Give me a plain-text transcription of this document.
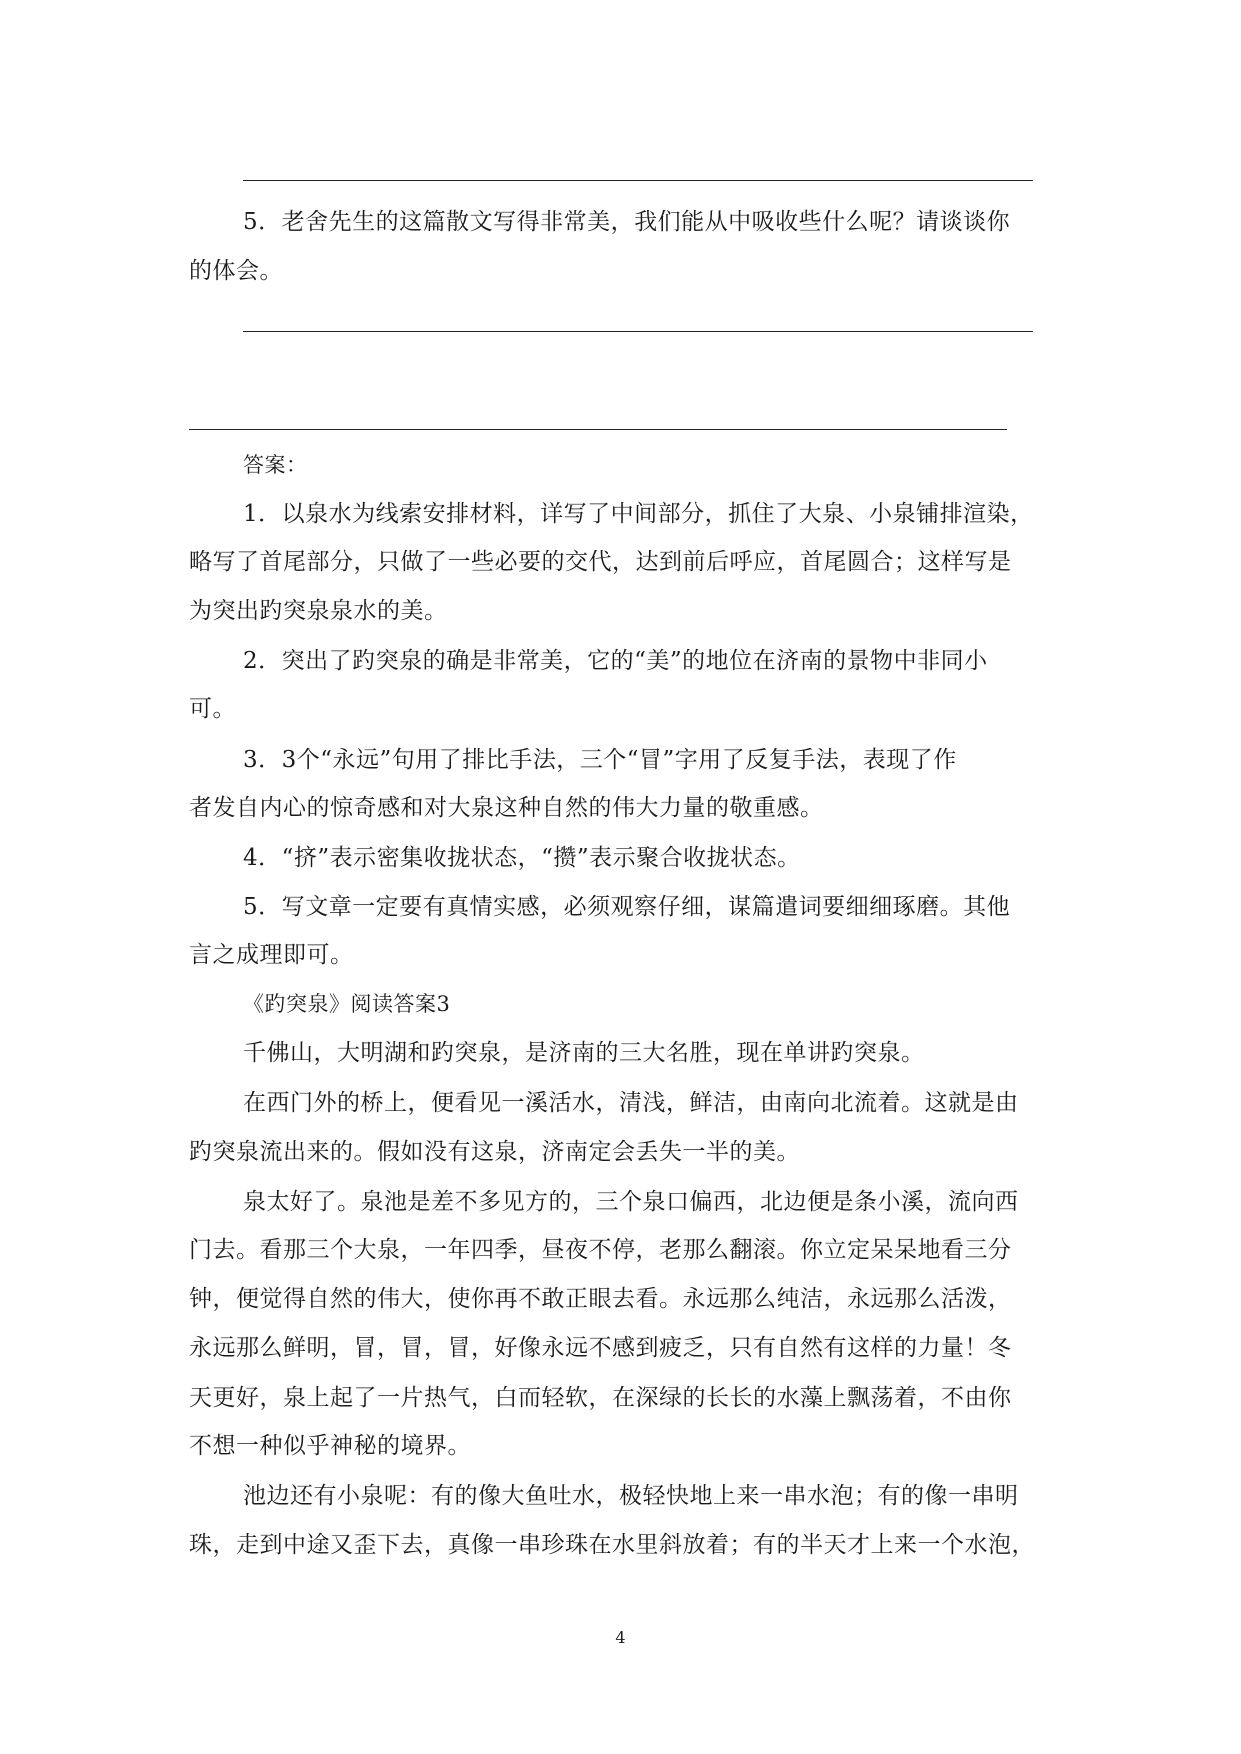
5．老舍先生的这篇散文写得非常美，我们能从中吸收些什么呢？请谈谈你
的体会。
答案：
1．以泉水为线索安排材料，详写了中间部分，抓住了大泉、小泉铺排渲染，
略写了首尾部分，只做了一些必要的交代，达到前后呼应，首尾圆合；这样写是
为突出趵突泉泉水的美。
2．突出了趵突泉的确是非常美，它的“美”的地位在济南的景物中非同小
可。
3．3个“永远”句用了排比手法，三个“冒”字用了反复手法，表现了作
者发自内心的惊奇感和对大泉这种自然的伟大力量的敬重感。
4．“挤”表示密集收拢状态，“攒”表示聚合收拢状态。
5．写文章一定要有真情实感，必须观察仔细，谋篇遣词要细细琢磨。其他
言之成理即可。
《趵突泉》阅读答案3
千佛山，大明湖和趵突泉，是济南的三大名胜，现在单讲趵突泉。
在西门外的桥上，便看见一溪活水，清浅，鲜洁，由南向北流着。这就是由
趵突泉流出来的。假如没有这泉，济南定会丢失一半的美。
泉太好了。泉池是差不多见方的，三个泉口偏西，北边便是条小溪，流向西
门去。看那三个大泉，一年四季，昼夜不停，老那么翻滚。你立定呆呆地看三分
钟，便觉得自然的伟大，使你再不敢正眼去看。永远那么纯洁，永远那么活泼，
永远那么鲜明，冒，冒，冒，好像永远不感到疲乏，只有自然有这样的力量！冬
天更好，泉上起了一片热气，白而轻软，在深绿的长长的水藻上飘荡着，不由你
不想一种似乎神秘的境界。
池边还有小泉呢：有的像大鱼吐水，极轻快地上来一串水泡；有的像一串明
珠，走到中途又歪下去，真像一串珍珠在水里斜放着；有的半天才上来一个水泡，
4
